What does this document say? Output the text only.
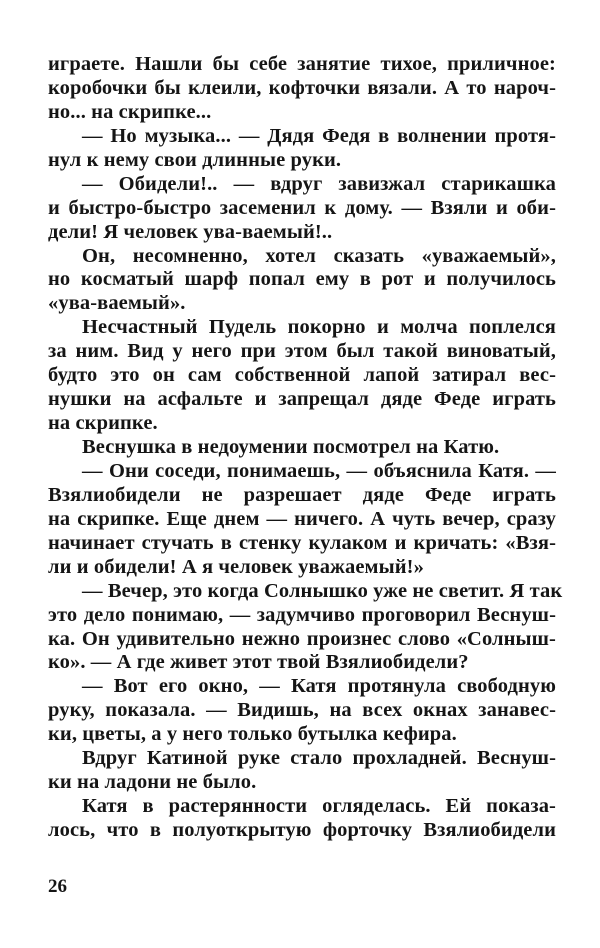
играете. Нашли бы себе занятие тихое, приличное:
коробочки бы клеили, кофточки вязали. А то нароч-
но... на скрипке...
— Но музыка... — Дядя Федя в волнении протя-
нул к нему свои длинные руки.
— Обидели!.. — вдруг завизжал старикашка
и быстро-быстро засеменил к дому. — Взяли и оби-
дели! Я человек ува-ваемый!..
Он, несомненно, хотел сказать «уважаемый»,
но косматый шарф попал ему в рот и получилось
«ува-ваемый».
Несчастный Пудель покорно и молча поплелся
за ним. Вид у него при этом был такой виноватый,
будто это он сам собственной лапой затирал вес-
нушки на асфальте и запрещал дяде Феде играть
на скрипке.
Веснушка в недоумении посмотрел на Катю.
— Они соседи, понимаешь, — объяснила Катя. —
Взялиобидели не разрешает дяде Феде играть
на скрипке. Еще днем — ничего. А чуть вечер, сразу
начинает стучать в стенку кулаком и кричать: «Взя-
ли и обидели! А я человек уважаемый!»
— Вечер, это когда Солнышко уже не светит. Я так
это дело понимаю, — задумчиво проговорил Веснуш-
ка. Он удивительно нежно произнес слово «Солныш-
ко». — А где живет этот твой Взялиобидели?
— Вот его окно, — Катя протянула свободную
руку, показала. — Видишь, на всех окнах занавес-
ки, цветы, а у него только бутылка кефира.
Вдруг Катиной руке стало прохладней. Веснуш-
ки на ладони не было.
Катя в растерянности огляделась. Ей показа-
лось, что в полуоткрытую форточку Взялиобидели
26
